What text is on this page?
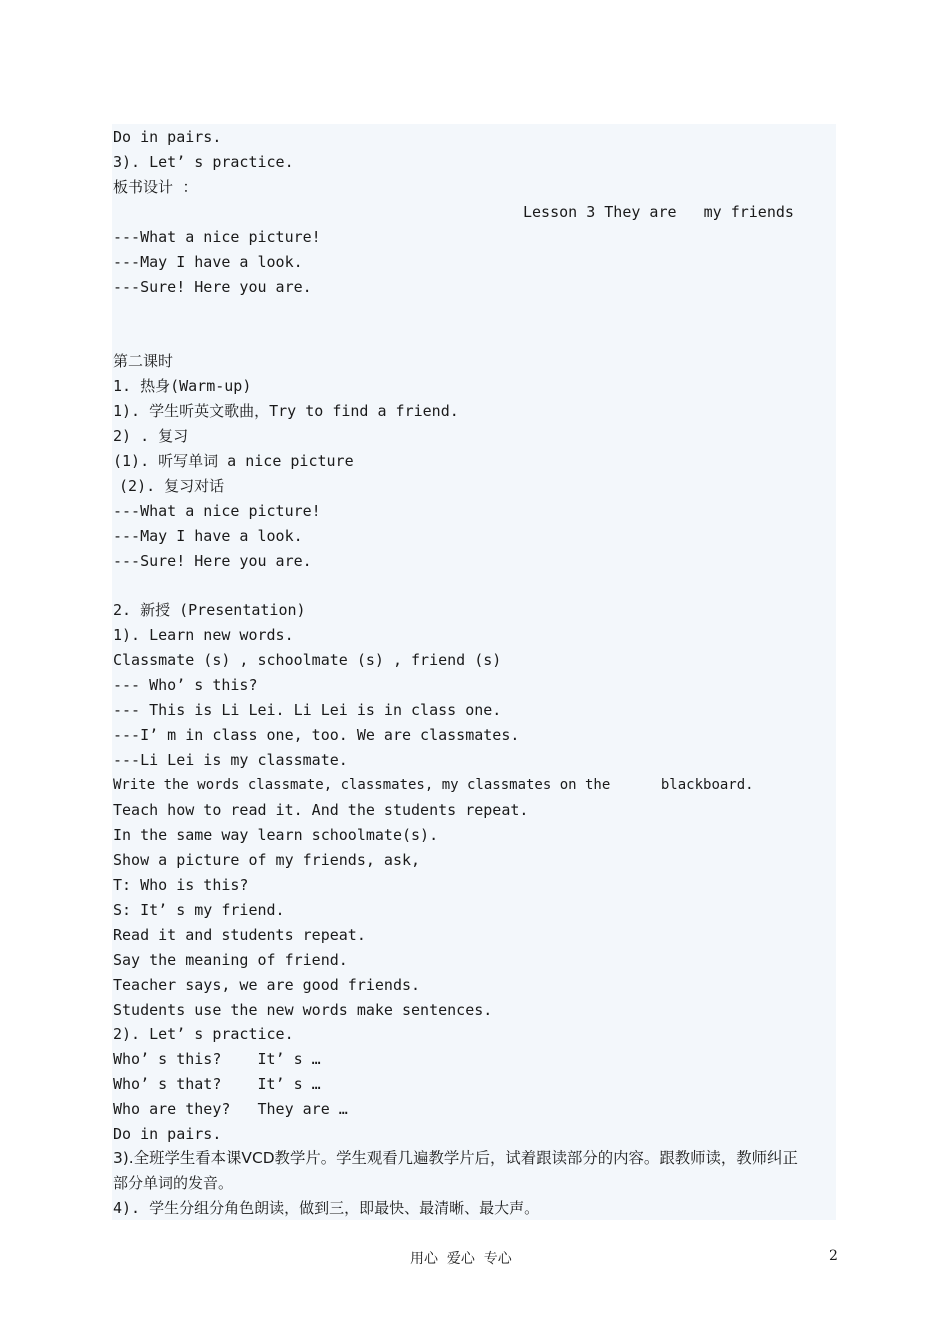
Do in pairs.
3). Let’ s practice.
板书设计  ：
Lesson 3 They are   my friends
---What a nice picture!
---May I have a look.
---Sure! Here you are.
第二课时
1. 热身(Warm-up)
1). 学生听英文歌曲，Try to find a friend.
2) . 复习
(1). 听写单词 a nice picture
(2). 复习对话
---What a nice picture!
---May I have a look.
---Sure! Here you are.
2. 新授 (Presentation)
1). Learn new words.
Classmate (s) , schoolmate (s) , friend (s)
--- Who’ s this?
--- This is Li Lei. Li Lei is in class one.
---I’ m in class one, too. We are classmates.
---Li Lei is my classmate.
Write the words classmate, classmates, my classmates on the      blackboard.
Teach how to read it. And the students repeat.
In the same way learn schoolmate(s).
Show a picture of my friends, ask,
T: Who is this?
S: It’ s my friend.
Read it and students repeat.
Say the meaning of friend.
Teacher says, we are good friends.
Students use the new words make sentences.
2). Let’ s practice.
Who’ s this?    It’ s …
Who’ s that?    It’ s …
Who are they?   They are …
Do in pairs.
3).全班学生看本课VCD教学片。学生观看几遍教学片后，试着跟读部分的内容。跟教师读，教师纠正
部分单词的发音。
4). 学生分组分角色朗读，做到三，即最快、最清晰、最大声。
用心  爱心  专心	2
